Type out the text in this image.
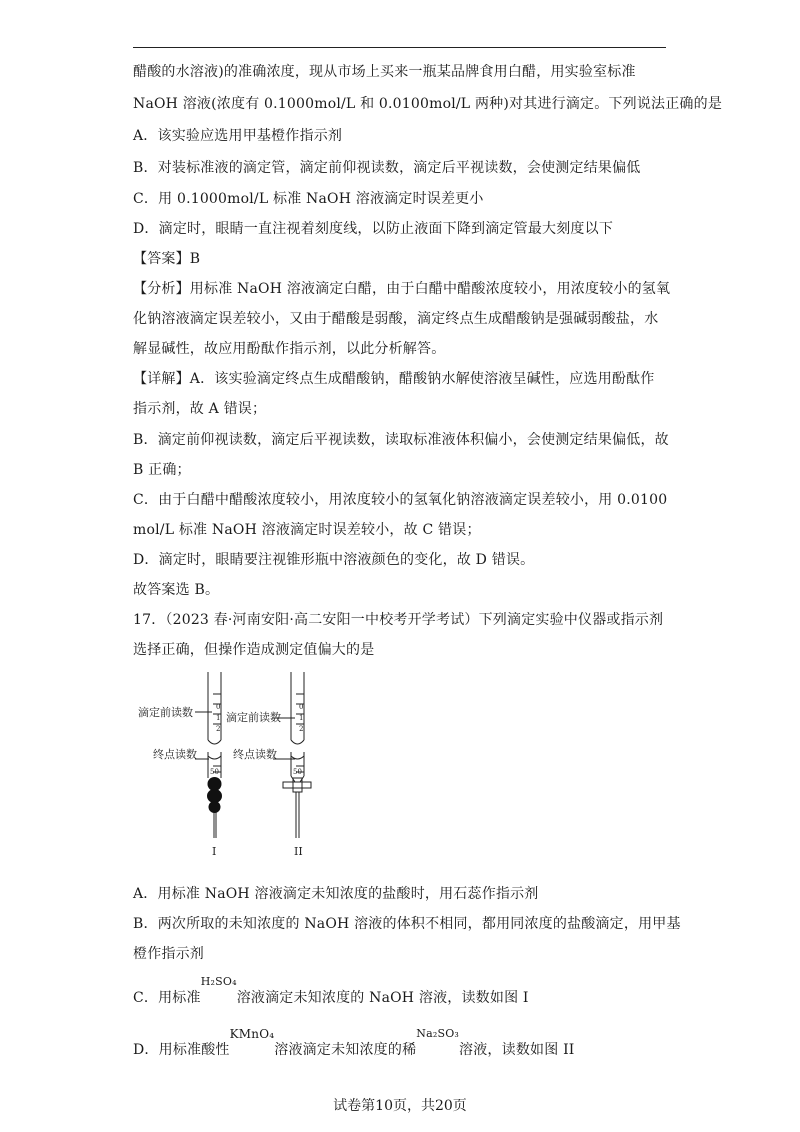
醋酸的水溶液)的准确浓度，现从市场上买来一瓶某品牌食用白醋，用实验室标准
NaOH 溶液(浓度有 0.1000mol/L 和 0.0100mol/L 两种)对其进行滴定。下列说法正确的是
A．该实验应选用甲基橙作指示剂
B．对装标准液的滴定管，滴定前仰视读数，滴定后平视读数，会使测定结果偏低
C．用 0.1000mol/L 标准 NaOH 溶液滴定时误差更小
D．滴定时，眼睛一直注视着刻度线，以防止液面下降到滴定管最大刻度以下
【答案】B
【分析】用标准 NaOH 溶液滴定白醋，由于白醋中醋酸浓度较小，用浓度较小的氢氧
化钠溶液滴定误差较小，又由于醋酸是弱酸，滴定终点生成醋酸钠是强碱弱酸盐，水
解显碱性，故应用酚酞作指示剂，以此分析解答。
【详解】A．该实验滴定终点生成醋酸钠，醋酸钠水解使溶液呈碱性，应选用酚酞作
指示剂，故 A 错误；
B．滴定前仰视读数，滴定后平视读数，读取标准液体积偏小，会使测定结果偏低，故
B 正确；
C．由于白醋中醋酸浓度较小，用浓度较小的氢氧化钠溶液滴定误差较小，用 0.0100
mol/L 标准 NaOH 溶液滴定时误差较小，故 C 错误；
D．滴定时，眼睛要注视锥形瓶中溶液颜色的变化，故 D 错误。
故答案选 B。
17．（2023 春·河南安阳·高二安阳一中校考开学考试）下列滴定实验中仪器或指示剂
选择正确，但操作造成测定值偏大的是
滴定前读数	滴定前读数
终点读数	终点读数
0
1
2
0
1
2
50	50
I	II
A．用标准 NaOH 溶液滴定未知浓度的盐酸时，用石蕊作指示剂
B．两次所取的未知浓度的 NaOH 溶液的体积不相同，都用同浓度的盐酸滴定，用甲基
橙作指示剂
C．用标准H₂SO₄溶液滴定未知浓度的 NaOH 溶液，读数如图 I
D．用标准酸性KMnO₄溶液滴定未知浓度的稀Na₂SO₃溶液，读数如图 II
试卷第10页，共20页
